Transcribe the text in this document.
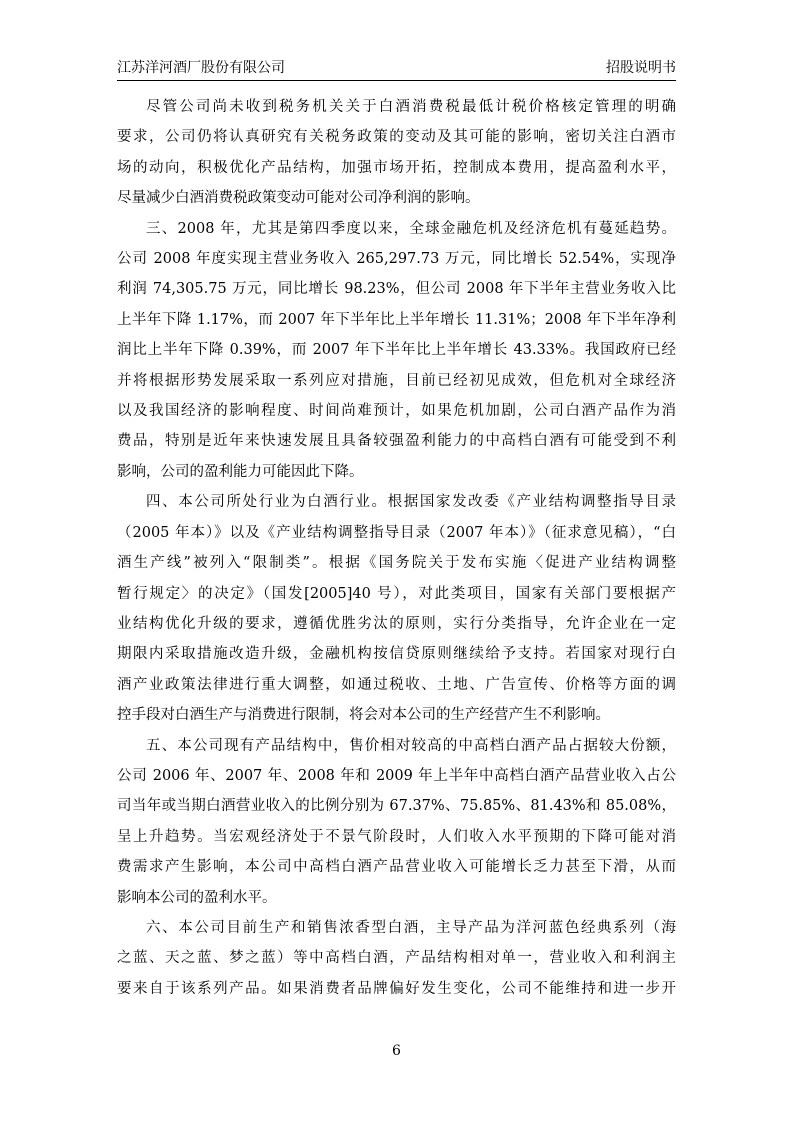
江苏洋河酒厂股份有限公司	招股说明书

尽管公司尚未收到税务机关关于白酒消费税最低计税价格核定管理的明确
要求，公司仍将认真研究有关税务政策的变动及其可能的影响，密切关注白酒市
场的动向，积极优化产品结构，加强市场开拓，控制成本费用，提高盈利水平，
尽量减少白酒消费税政策变动可能对公司净利润的影响。

三、2008 年，尤其是第四季度以来，全球金融危机及经济危机有蔓延趋势。
公司 2008 年度实现主营业务收入 265,297.73 万元，同比增长 52.54%，实现净
利润 74,305.75 万元，同比增长 98.23%，但公司 2008 年下半年主营业务收入比
上半年下降 1.17%，而 2007 年下半年比上半年增长 11.31%；2008 年下半年净利
润比上半年下降 0.39%，而 2007 年下半年比上半年增长 43.33%。我国政府已经
并将根据形势发展采取一系列应对措施，目前已经初见成效，但危机对全球经济
以及我国经济的影响程度、时间尚难预计，如果危机加剧，公司白酒产品作为消
费品，特别是近年来快速发展且具备较强盈利能力的中高档白酒有可能受到不利
影响，公司的盈利能力可能因此下降。

四、本公司所处行业为白酒行业。根据国家发改委《产业结构调整指导目录
（2005 年本）》以及《产业结构调整指导目录（2007 年本）》（征求意见稿），“白
酒生产线”被列入“限制类”。根据《国务院关于发布实施〈促进产业结构调整
暂行规定〉的决定》（国发[2005]40 号），对此类项目，国家有关部门要根据产
业结构优化升级的要求，遵循优胜劣汰的原则，实行分类指导，允许企业在一定
期限内采取措施改造升级，金融机构按信贷原则继续给予支持。若国家对现行白
酒产业政策法律进行重大调整，如通过税收、土地、广告宣传、价格等方面的调
控手段对白酒生产与消费进行限制，将会对本公司的生产经营产生不利影响。

五、本公司现有产品结构中，售价相对较高的中高档白酒产品占据较大份额，
公司 2006 年、2007 年、2008 年和 2009 年上半年中高档白酒产品营业收入占公
司当年或当期白酒营业收入的比例分别为 67.37%、75.85%、81.43%和 85.08%，
呈上升趋势。当宏观经济处于不景气阶段时，人们收入水平预期的下降可能对消
费需求产生影响，本公司中高档白酒产品营业收入可能增长乏力甚至下滑，从而
影响本公司的盈利水平。

六、本公司目前生产和销售浓香型白酒，主导产品为洋河蓝色经典系列（海
之蓝、天之蓝、梦之蓝）等中高档白酒，产品结构相对单一，营业收入和利润主
要来自于该系列产品。如果消费者品牌偏好发生变化，公司不能维持和进一步开

6
